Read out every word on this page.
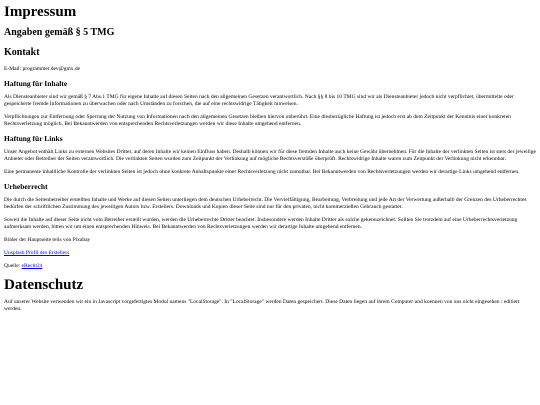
Impressum
Angaben gemäß § 5 TMG
Kontakt

E-Mail: programmer.dev@gmx.de

Haftung für Inhalte

Als Diensteanbieter sind wir gemäß § 7 Abs.1 TMG für eigene Inhalte auf diesen Seiten nach den allgemeinen Gesetzen verantwortlich. Nach §§ 8 bis 10 TMG sind wir als Diensteanbieter jedoch nicht verpflichtet, übermittelte oder gespeicherte fremde Informationen zu überwachen oder nach Umständen zu forschen, die auf eine rechtswidrige Tätigkeit hinweisen.

Verpflichtungen zur Entfernung oder Sperrung der Nutzung von Informationen nach den allgemeinen Gesetzen bleiben hiervon unberührt. Eine diesbezügliche Haftung ist jedoch erst ab dem Zeitpunkt der Kenntnis einer konkreten Rechtsverletzung möglich. Bei Bekanntwerden von entsprechenden Rechtsverletzungen werden wir diese Inhalte umgehend entfernen.

Haftung für Links

Unser Angebot enthält Links zu externen Websites Dritter, auf deren Inhalte wir keinen Einfluss haben. Deshalb können wir für diese fremden Inhalte auch keine Gewähr übernehmen. Für die Inhalte der verlinkten Seiten ist stets der jeweilige Anbieter oder Betreiber der Seiten verantwortlich. Die verlinkten Seiten wurden zum Zeitpunkt der Verlinkung auf mögliche Rechtsverstöße überprüft. Rechtswidrige Inhalte waren zum Zeitpunkt der Verlinkung nicht erkennbar.

Eine permanente inhaltliche Kontrolle der verlinkten Seiten ist jedoch ohne konkrete Anhaltspunkte einer Rechtsverletzung nicht zumutbar. Bei Bekanntwerden von Rechtsverletzungen werden wir derartige Links umgehend entfernen.

Urheberrecht

Die durch die Seitenbetreiber erstellten Inhalte und Werke auf diesen Seiten unterliegen dem deutschen Urheberrecht. Die Vervielfältigung, Bearbeitung, Verbreitung und jede Art der Verwertung außerhalb der Grenzen des Urheberrechtes bedürfen der schriftlichen Zustimmung des jeweiligen Autors bzw. Erstellers. Downloads und Kopien dieser Seite sind nur für den privaten, nicht kommerziellen Gebrauch gestattet.

Soweit die Inhalte auf dieser Seite nicht vom Betreiber erstellt wurden, werden die Urheberrechte Dritter beachtet. Insbesondere werden Inhalte Dritter als solche gekennzeichnet. Sollten Sie trotzdem auf eine Urheberrechtsverletzung aufmerksam werden, bitten wir um einen entsprechenden Hinweis. Bei Bekanntwerden von Rechtsverletzungen werden wir derartige Inhalte umgehend entfernen.

Bilder der Hauptseite teils von Pixabay

Unsplash Profil des Erstellers

Quelle: eRecht24

Datenschutz

Auf unserer Website verwenden wir ein in Javascript vorgefertigtes Modul namens "LocalStorage". In "LocalStorage" werden Daten gespeichert. Diese Daten liegen auf ihrem Computer und koennen von uns nicht eingesehen / editiert werden.
